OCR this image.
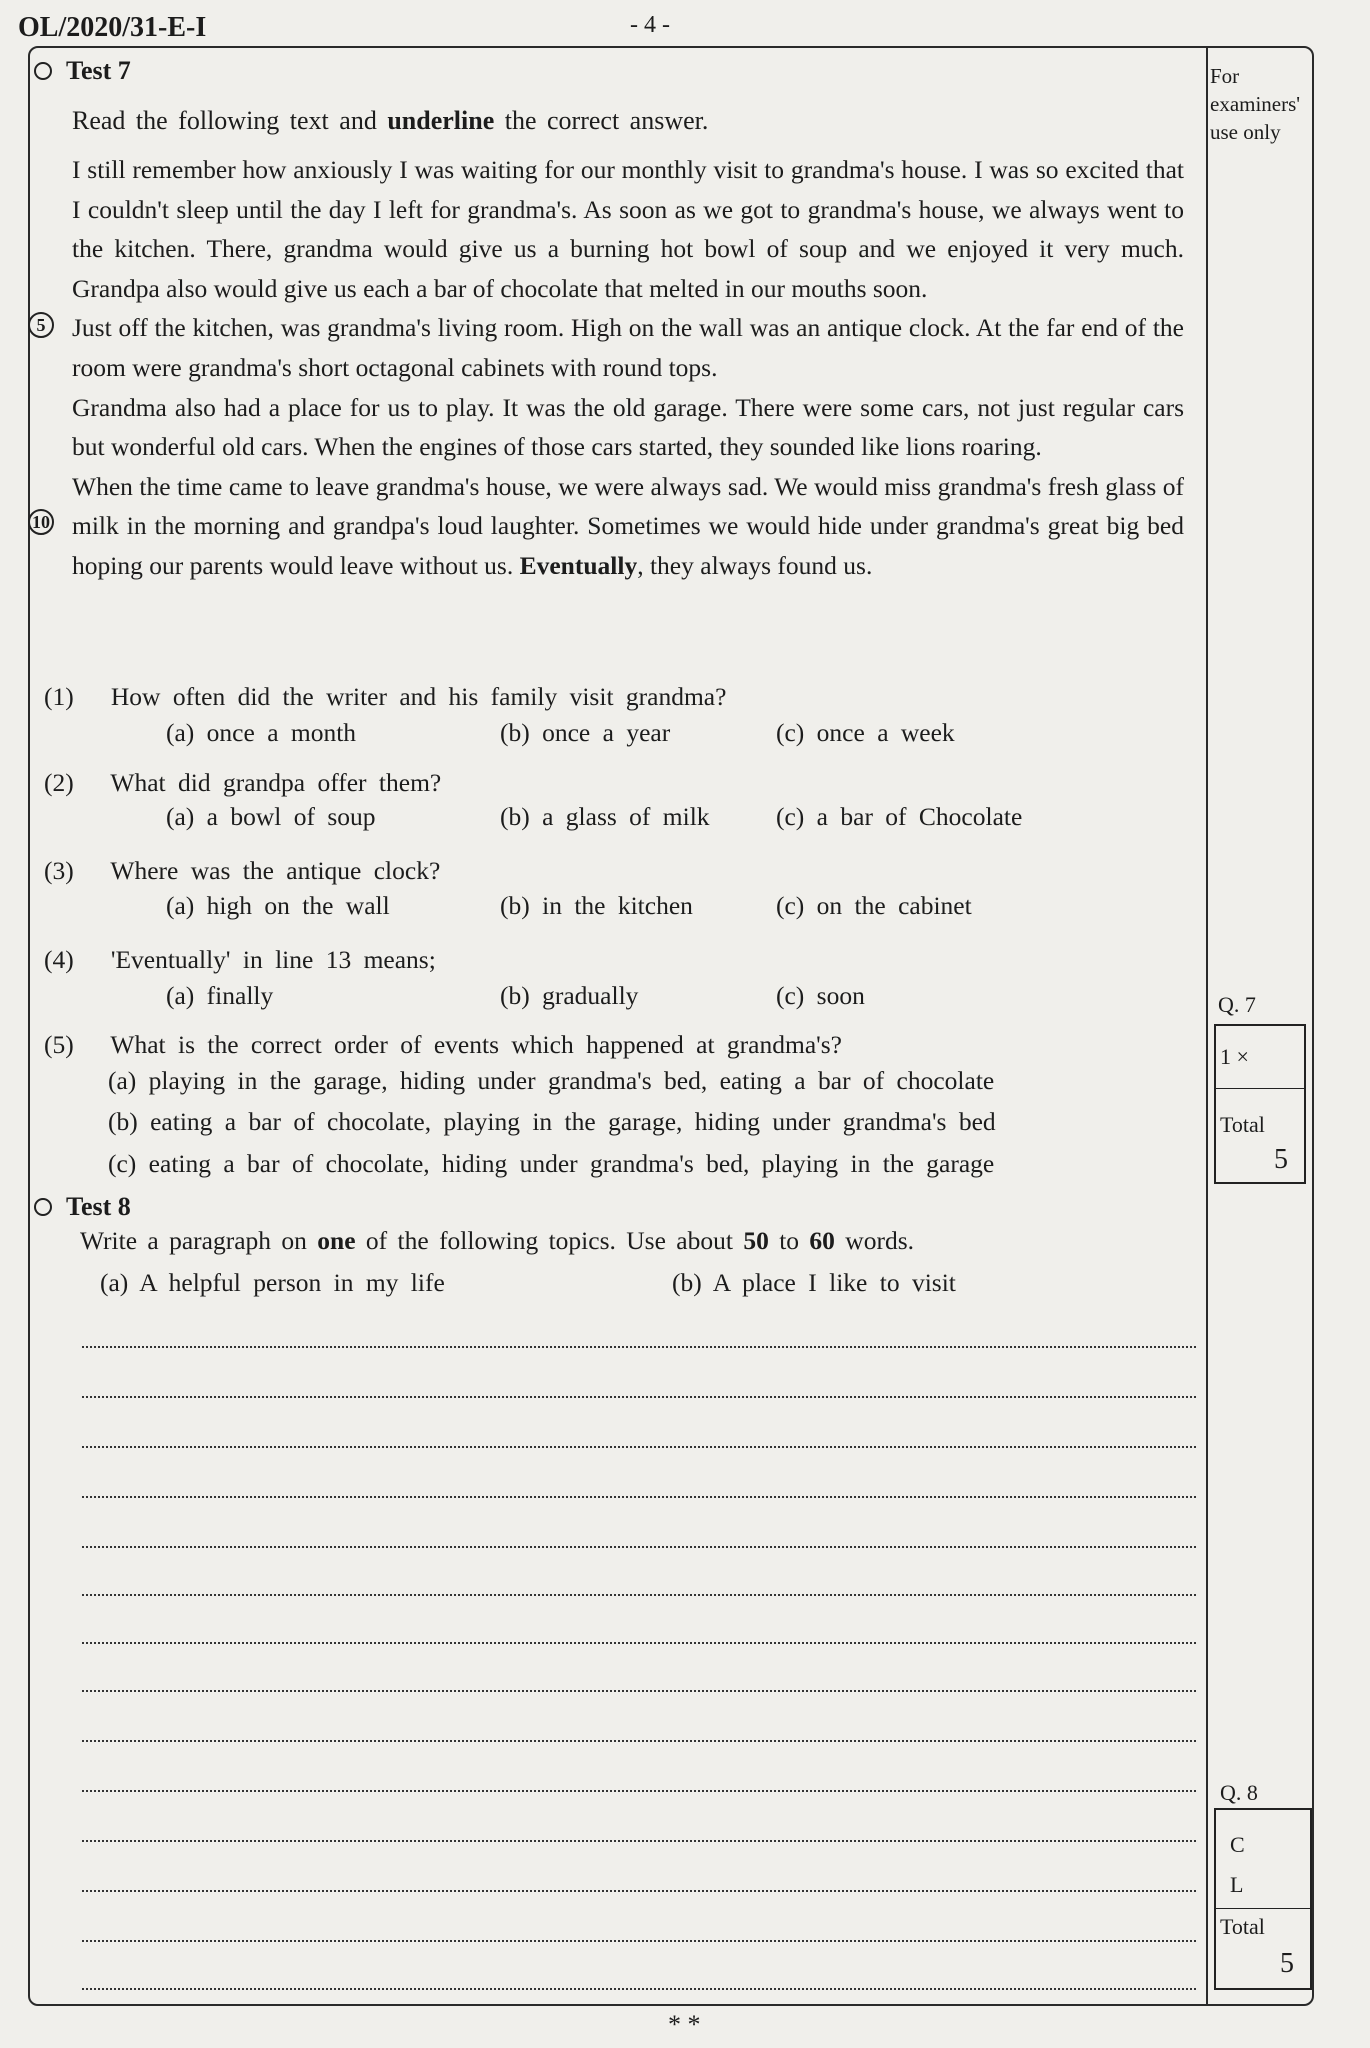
OL/2020/31-E-I	- 4 -
For examiners' use only
Test 7
Read the following text and underline the correct answer.

I still remember how anxiously I was waiting for our monthly visit to grandma's house. I was so excited that I couldn't sleep until the day I left for grandma's. As soon as we got to grandma's house, we always went to the kitchen. There, grandma would give us a burning hot bowl of soup and we enjoyed it very much. Grandpa also would give us each a bar of chocolate that melted in our mouths soon.

Just off the kitchen, was grandma's living room. High on the wall was an antique clock. At the far end of the room were grandma's short octagonal cabinets with round tops.

Grandma also had a place for us to play. It was the old garage. There were some cars, not just regular cars but wonderful old cars. When the engines of those cars started, they sounded like lions roaring.

When the time came to leave grandma's house, we were always sad. We would miss grandma's fresh glass of milk in the morning and grandpa's loud laughter. Sometimes we would hide under grandma's great big bed hoping our parents would leave without us. Eventually, they always found us.

5
10
(1) How often did the writer and his family visit grandma?
(a) once a month	(b) once a year	(c) once a week
(2) What did grandpa offer them?
(a) a bowl of soup	(b) a glass of milk	(c) a bar of Chocolate
(3) Where was the antique clock?
(a) high on the wall	(b) in the kitchen	(c) on the cabinet
(4) 'Eventually' in line 13 means;
(a) finally	(b) gradually	(c) soon
(5) What is the correct order of events which happened at grandma's?
(a) playing in the garage, hiding under grandma's bed, eating a bar of chocolate
(b) eating a bar of chocolate, playing in the garage, hiding under grandma's bed
(c) eating a bar of chocolate, hiding under grandma's bed, playing in the garage
Q. 7
1 ×
Total
5
Test 8
Write a paragraph on one of the following topics. Use about 50 to 60 words.
(a) A helpful person in my life	(b) A place I like to visit
Q. 8
C
L
Total
5
* *
